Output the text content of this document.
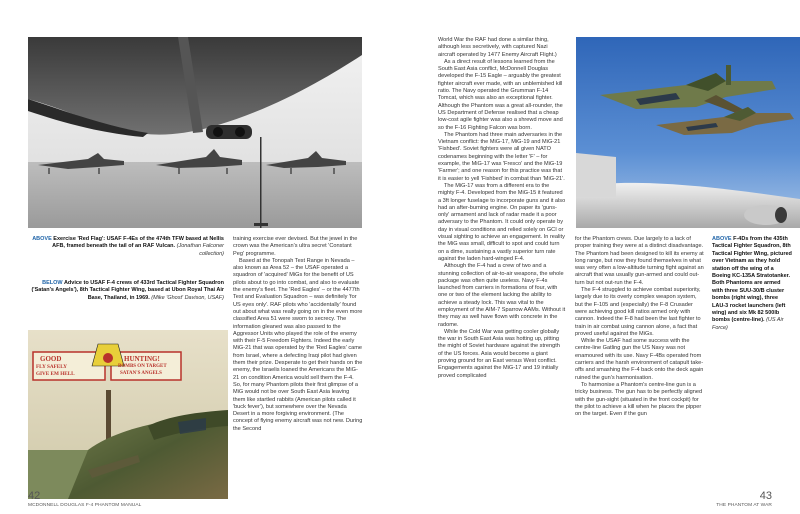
ABOVE Exercise 'Red Flag': USAF F-4Es of the 474th TFW based at Nellis AFB, framed beneath the tail of an RAF Vulcan. (Jonathan Falconer collection)
BELOW Advice to USAF F-4 crews of 433rd Tactical Fighter Squadron ('Satan's Angels'), 8th Tactical Fighter Wing, based at Ubon Royal Thai Air Base, Thailand, in 1969. (Mike 'Ghost' Davison, USAF)
GOOD
FLY SAFELY
GIVE EM HELL
HUNTING!
BOMBS ON TARGET
SATAN'S ANGELS

training exercise ever devised. But the jewel in the crown was the American's ultra secret 'Constant Peg' programme.

Based at the Tonopah Test Range in Nevada – also known as Area 52 – the USAF operated a squadron of 'acquired' MiGs for the benefit of US pilots about to go into combat, and also to evaluate the enemy's fleet. The 'Red Eagles' – or the 4477th Test and Evaluation Squadron – was definitely 'for US eyes only'. RAF pilots who 'accidentally' found out about what was really going on in the even more classified Area 51 were sworn to secrecy. The information gleaned was also passed to the Aggressor Units who played the role of the enemy with their F-5 Freedom Fighters. Indeed the early MiG-21 that was operated by the 'Red Eagles' came from Israel, where a defecting Iraqi pilot had given them their prize. Desperate to get their hands on the enemy, the Israelis loaned the Americans the MiG-21 on condition America would sell them the F-4. So, for many Phantom pilots their first glimpse of a MiG would not be over South East Asia leaving them like startled rabbits (American pilots called it 'buck fever'), but somewhere over the Nevada Desert in a more forgiving environment. (The concept of flying enemy aircraft was not new. During the Second

42
MCDONNELL DOUGLAS F-4 PHANTOM MANUAL

World War the RAF had done a similar thing, although less secretively, with captured Nazi aircraft operated by 1477 Enemy Aircraft Flight.)

As a direct result of lessons learned from the South East Asia conflict, McDonnell Douglas developed the F-15 Eagle – arguably the greatest fighter aircraft ever made, with an unblemished kill ratio. The Navy operated the Grumman F-14 Tomcat, which was also an exceptional fighter. Although the Phantom was a great all-rounder, the US Department of Defense realised that a cheap low-cost agile fighter was also a shrewd move and so the F-16 Fighting Falcon was born.

The Phantom had three main adversaries in the Vietnam conflict: the MiG-17, MiG-19 and MiG-21 'Fishbed'. Soviet fighters were all given NATO codenames beginning with the letter 'F' – for example, the MiG-17 was 'Fresco' and the MiG-19 'Farmer'; and one reason for this practice was that it is easier to yell 'Fishbed' in combat than 'MiG-21'.

The MiG-17 was from a different era to the mighty F-4. Developed from the MiG-15 it featured a 3ft longer fuselage to incorporate guns and it also had an after-burning engine. On paper its 'guns-only' armament and lack of radar made it a poor adversary to the Phantom. It could only operate by day in visual conditions and relied solely on GCI or visual sighting to achieve an engagement. In reality the MiG was small, difficult to spot and could turn on a dime, sustaining a vastly superior turn rate against the laden hard-winged F-4.

Although the F-4 had a crew of two and a stunning collection of air-to-air weapons, the whole package was often quite useless. Navy F-4s launched from carriers in formations of four, with one or two of the element lacking the ability to achieve a steady lock. This was vital to the employment of the AIM-7 Sparrow AAMs. Without it they may as well have flown with concrete in the radome.

While the Cold War was getting cooler globally the war in South East Asia was hotting up, pitting the might of Soviet hardware against the strength of the US forces. Asia would become a giant proving ground for an East versus West conflict. Engagements against the MiG-17 and 19 initially proved complicated

for the Phantom crews. Due largely to a lack of proper training they were at a distinct disadvantage. The Phantom had been designed to kill its enemy at long range, but now they found themselves in what was very often a low-altitude turning fight against an aircraft that was usually gun-armed and could out-turn but not out-run the F-4.

The F-4 struggled to achieve combat superiority, largely due to its overly complex weapon system, but the F-105 and (especially) the F-8 Crusader were achieving good kill ratios armed only with cannon. Indeed the F-8 had been the last fighter to train in air combat using cannon alone, a fact that proved useful against the MiGs.

While the USAF had some success with the centre-line Gatling gun the US Navy was not enamoured with its use. Navy F-4Bs operated from carriers and the harsh environment of catapult take-offs and smashing the F-4 back onto the deck again ruined the gun's harmonisation.

To harmonise a Phantom's centre-line gun is a tricky business. The gun has to be perfectly aligned with the gun-sight (situated in the front cockpit) for the pilot to achieve a kill when he places the pipper on the target. Even if the gun

ABOVE F-4Ds from the 435th Tactical Fighter Squadron, 8th Tactical Fighter Wing, pictured over Vietnam as they hold station off the wing of a Boeing KC-135A Stratotanker. Both Phantoms are armed with three SUU-30/B cluster bombs (right wing), three LAU-3 rocket launchers (left wing) and six Mk 82 500lb bombs (centre-line). (US Air Force)
43
THE PHANTOM AT WAR
